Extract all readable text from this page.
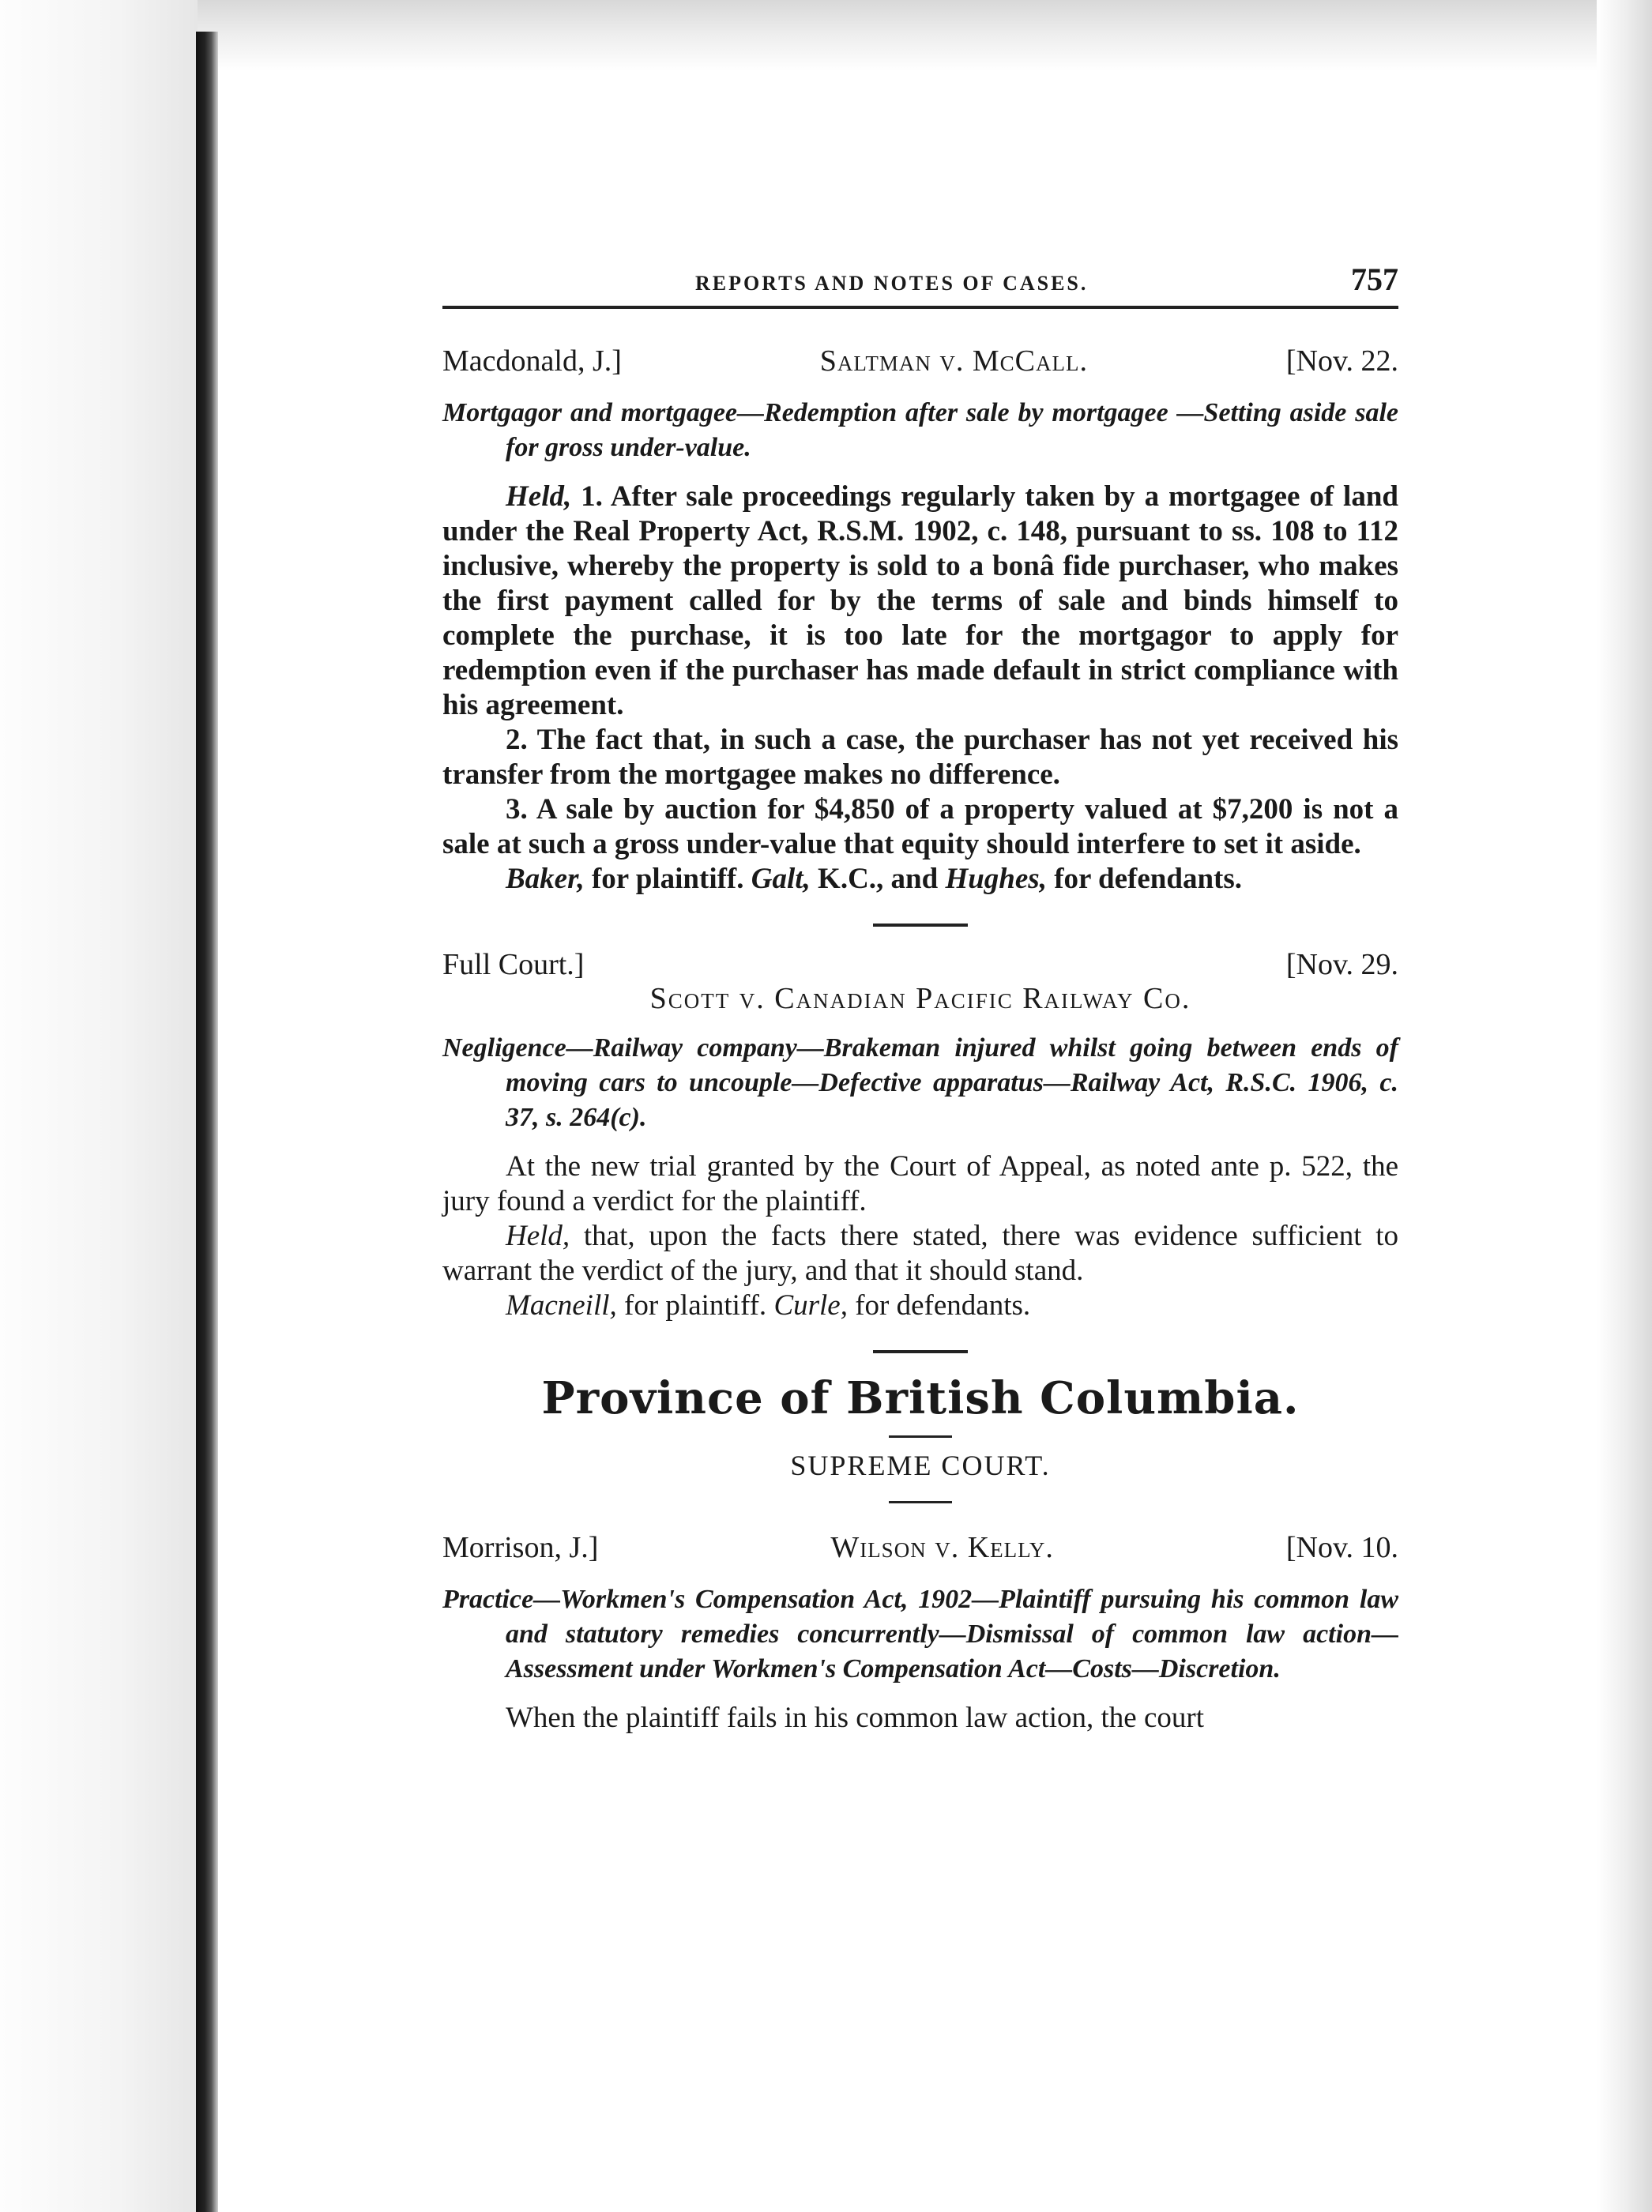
REPORTS AND NOTES OF CASES.	757
Macdonald, J.]	Saltman v. McCall.	[Nov. 22.
Mortgagor and mortgagee—Redemption after sale by mortgagee —Setting aside sale for gross under-value.

Held, 1. After sale proceedings regularly taken by a mortgagee of land under the Real Property Act, R.S.M. 1902, c. 148, pursuant to ss. 108 to 112 inclusive, whereby the property is sold to a bonâ fide purchaser, who makes the first payment called for by the terms of sale and binds himself to complete the purchase, it is too late for the mortgagor to apply for redemption even if the purchaser has made default in strict compliance with his agreement.

2. The fact that, in such a case, the purchaser has not yet received his transfer from the mortgagee makes no difference.

3. A sale by auction for $4,850 of a property valued at $7,200 is not a sale at such a gross under-value that equity should interfere to set it aside.

Baker, for plaintiff. Galt, K.C., and Hughes, for defendants.

Full Court.]	[Nov. 29.
Scott v. Canadian Pacific Railway Co.
Negligence—Railway company—Brakeman injured whilst going between ends of moving cars to uncouple—Defective apparatus—Railway Act, R.S.C. 1906, c. 37, s. 264(c).

At the new trial granted by the Court of Appeal, as noted ante p. 522, the jury found a verdict for the plaintiff.

Held, that, upon the facts there stated, there was evidence sufficient to warrant the verdict of the jury, and that it should stand.

Macneill, for plaintiff. Curle, for defendants.

Province of British Columbia.
SUPREME COURT.
Morrison, J.]	Wilson v. Kelly.	[Nov. 10.
Practice—Workmen's Compensation Act, 1902—Plaintiff pursuing his common law and statutory remedies concurrently—Dismissal of common law action—Assessment under Workmen's Compensation Act—Costs—Discretion.

When the plaintiff fails in his common law action, the court
